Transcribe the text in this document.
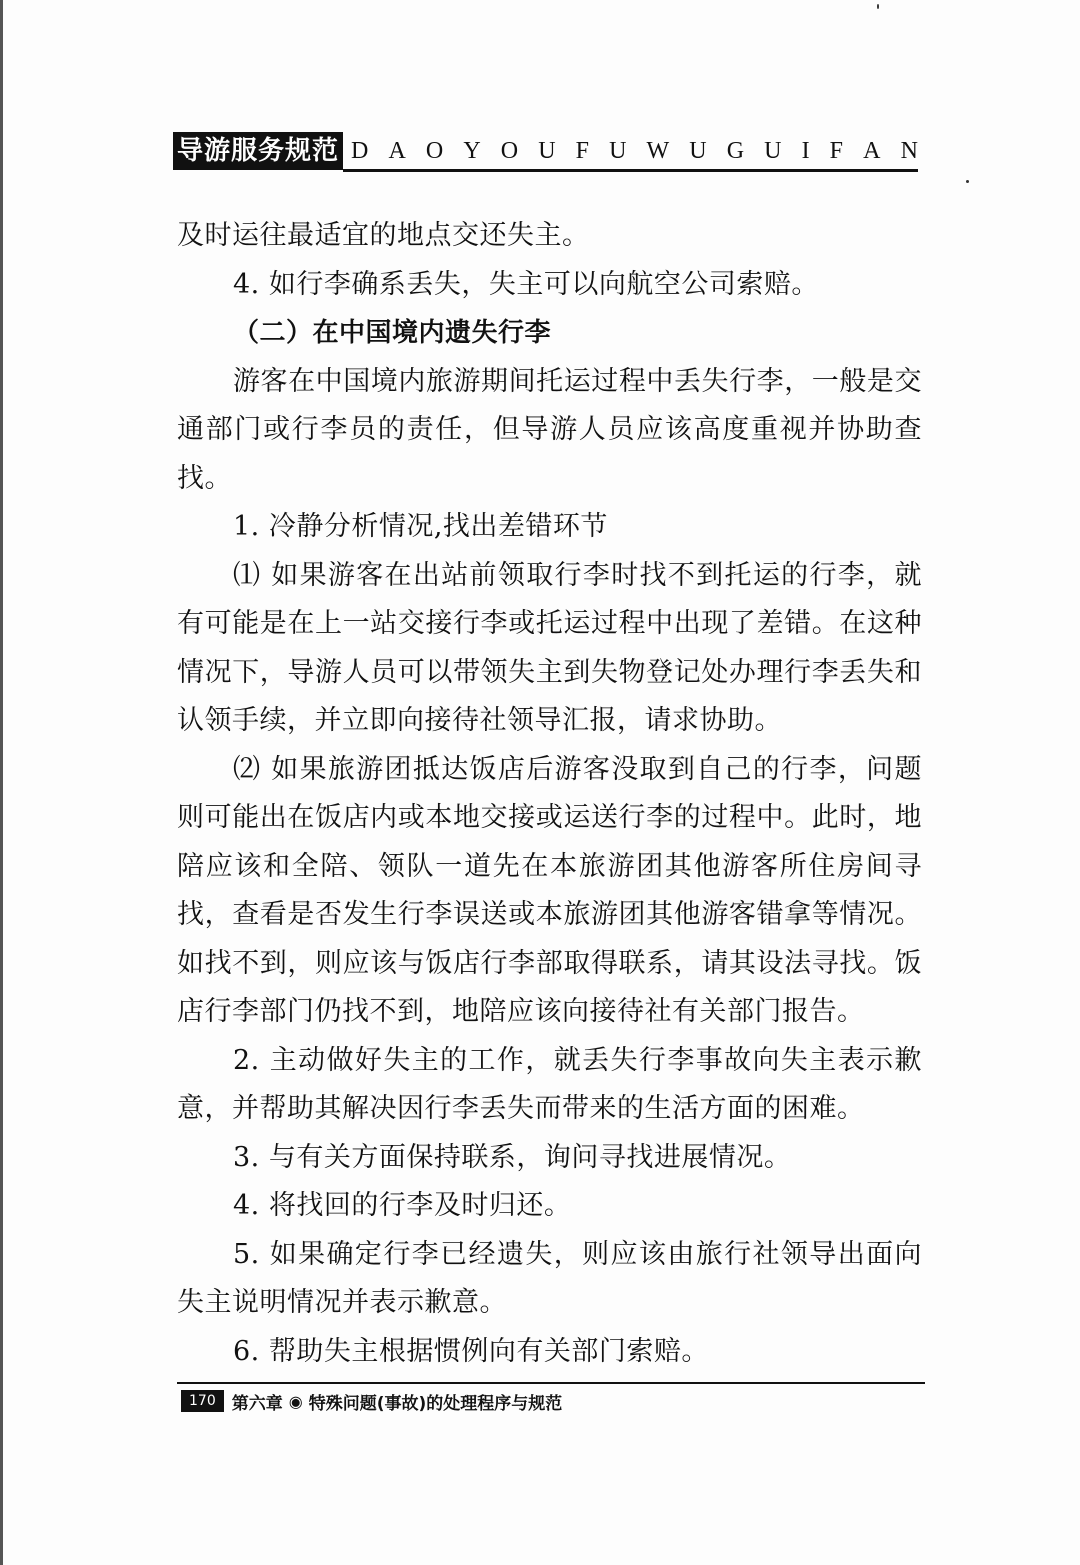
导游服务规范 D A O Y O U F U W U G U I F A N

及时运往最适宜的地点交还失主。

4. 如行李确系丢失，失主可以向航空公司索赔。

（二）在中国境内遗失行李

游客在中国境内旅游期间托运过程中丢失行李，一般是交通部门或行李员的责任，但导游人员应该高度重视并协助查找。

1. 冷静分析情况,找出差错环节

⑴ 如果游客在出站前领取行李时找不到托运的行李，就有可能是在上一站交接行李或托运过程中出现了差错。在这种情况下，导游人员可以带领失主到失物登记处办理行李丢失和认领手续，并立即向接待社领导汇报，请求协助。

⑵ 如果旅游团抵达饭店后游客没取到自己的行李，问题则可能出在饭店内或本地交接或运送行李的过程中。此时，地陪应该和全陪、领队一道先在本旅游团其他游客所住房间寻找，查看是否发生行李误送或本旅游团其他游客错拿等情况。如找不到，则应该与饭店行李部取得联系，请其设法寻找。饭店行李部门仍找不到，地陪应该向接待社有关部门报告。

2. 主动做好失主的工作，就丢失行李事故向失主表示歉意，并帮助其解决因行李丢失而带来的生活方面的困难。

3. 与有关方面保持联系，询问寻找进展情况。

4. 将找回的行李及时归还。

5. 如果确定行李已经遗失，则应该由旅行社领导出面向失主说明情况并表示歉意。

6. 帮助失主根据惯例向有关部门索赔。

170 第六章 ◉ 特殊问题(事故)的处理程序与规范
